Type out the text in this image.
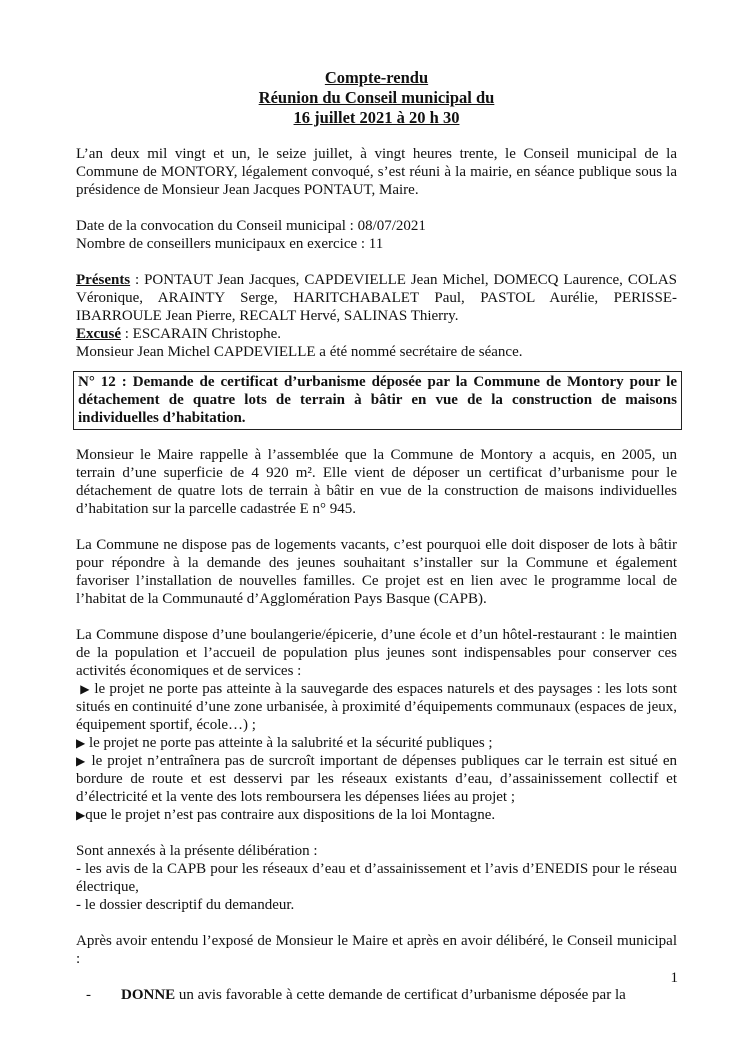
Compte-rendu
Réunion du Conseil municipal du
16 juillet 2021 à 20 h 30

L’an deux mil vingt et un, le seize juillet, à vingt heures trente, le Conseil municipal de la Commune de MONTORY, légalement convoqué, s’est réuni à la mairie, en séance publique sous la présidence de Monsieur Jean Jacques PONTAUT, Maire.

Date de la convocation du Conseil municipal : 08/07/2021

Nombre de conseillers municipaux en exercice : 11

Présents : PONTAUT Jean Jacques, CAPDEVIELLE Jean Michel, DOMECQ Laurence, COLAS Véronique, ARAINTY Serge, HARITCHABALET Paul, PASTOL Aurélie, PERISSE-IBARROULE Jean Pierre, RECALT Hervé, SALINAS Thierry.

Excusé : ESCARAIN Christophe.

Monsieur Jean Michel CAPDEVIELLE a été nommé secrétaire de séance.

N° 12 : Demande de certificat d’urbanisme déposée par la Commune de Montory pour le détachement de quatre lots de terrain à bâtir en vue de la construction de maisons individuelles d’habitation.

Monsieur le Maire rappelle à l’assemblée que la Commune de Montory a acquis, en 2005, un terrain d’une superficie de 4 920 m². Elle vient de déposer un certificat d’urbanisme pour le détachement de quatre lots de terrain à bâtir en vue de la construction de maisons individuelles d’habitation sur la parcelle cadastrée E n° 945.

La Commune ne dispose pas de logements vacants, c’est pourquoi elle doit disposer de lots à bâtir pour répondre à la demande des jeunes souhaitant s’installer sur la Commune et également favoriser l’installation de nouvelles familles. Ce projet est en lien avec le programme local de l’habitat de la Communauté d’Agglomération Pays Basque (CAPB).

La Commune dispose d’une boulangerie/épicerie, d’une école et d’un hôtel-restaurant : le maintien de la population et l’accueil de population plus jeunes sont indispensables pour conserver ces activités économiques et de services :

▶ le projet ne porte pas atteinte à la sauvegarde des espaces naturels et des paysages : les lots sont situés en continuité d’une zone urbanisée, à proximité d’équipements communaux (espaces de jeux, équipement sportif, école…) ;

▶ le projet ne porte pas atteinte à la salubrité et la sécurité publiques ;

▶ le projet n’entraînera pas de surcroît important de dépenses publiques car le terrain est situé en bordure de route et est desservi par les réseaux existants d’eau, d’assainissement collectif et d’électricité et la vente des lots remboursera les dépenses liées au projet ;

▶que le projet n’est pas contraire aux dispositions de la loi Montagne.

Sont annexés à la présente délibération :

- les avis de la CAPB pour les réseaux d’eau et d’assainissement et l’avis d’ENEDIS pour le réseau électrique,

- le dossier descriptif du demandeur.

Après avoir entendu l’exposé de Monsieur le Maire et après en avoir délibéré, le Conseil municipal :

- DONNE un avis favorable à cette demande de certificat d’urbanisme déposée par la

1
